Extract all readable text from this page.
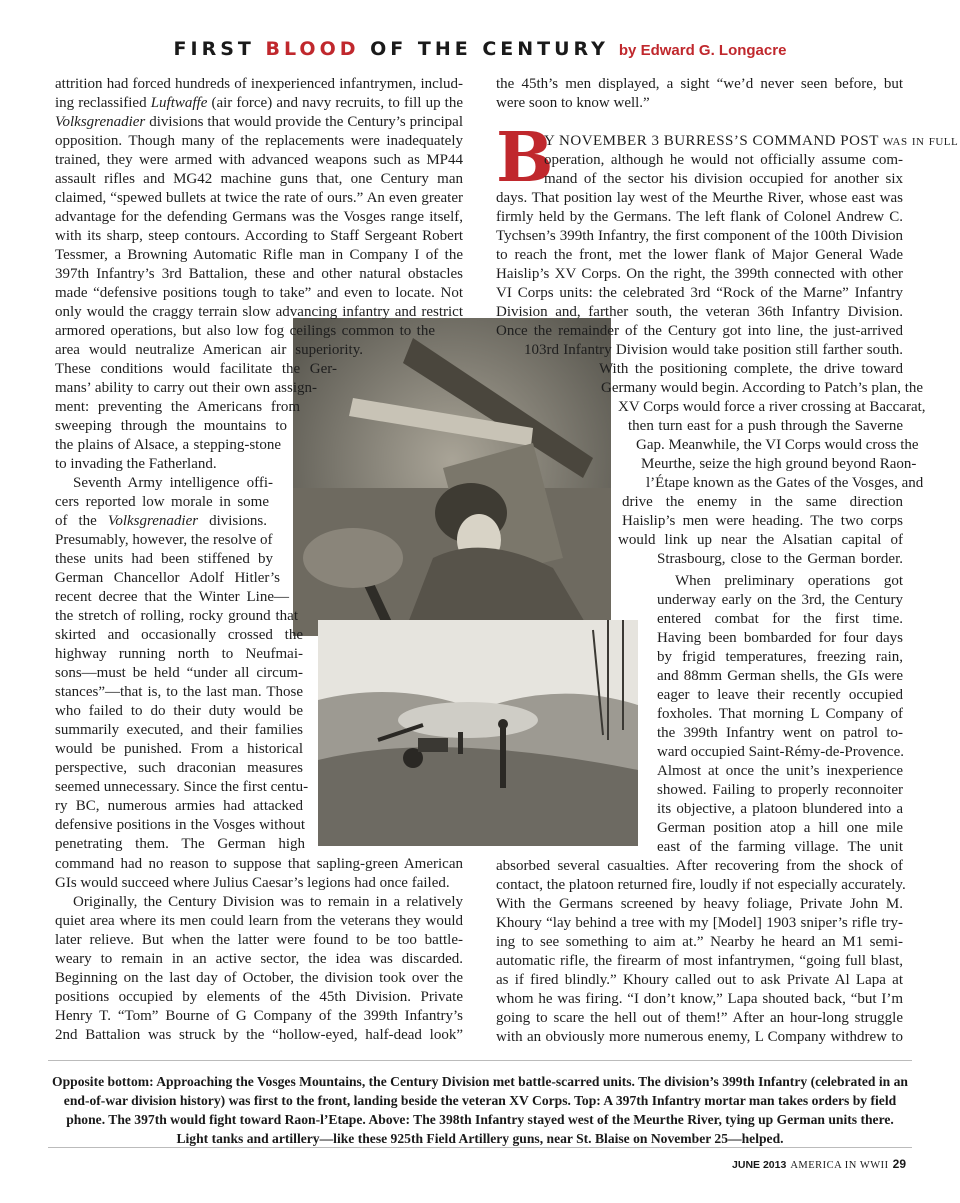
FIRST BLOOD OF THE CENTURY by Edward G. Longacre
attrition had forced hundreds of inexperienced infantrymen, includ-
ing reclassified Luftwaffe (air force) and navy recruits, to fill up the
Volksgrenadier divisions that would provide the Century’s principal
opposition. Though many of the replacements were inadequately
trained, they were armed with advanced weapons such as MP44
assault rifles and MG42 machine guns that, one Century man
claimed, “spewed bullets at twice the rate of ours.” An even greater
advantage for the defending Germans was the Vosges range itself,
with its sharp, steep contours. According to Staff Sergeant Robert
Tessmer, a Browning Automatic Rifle man in Company I of the
397th Infantry’s 3rd Battalion, these and other natural obstacles
made “defensive positions tough to take” and even to locate. Not
only would the craggy terrain slow advancing infantry and restrict
armored operations, but also low fog ceilings common to the
area would neutralize American air superiority.
These conditions would facilitate the Ger-
mans’ ability to carry out their own assign-
ment: preventing the Americans from
sweeping through the mountains to
the plains of Alsace, a stepping-stone
to invading the Fatherland.
Seventh Army intelligence offi-
cers reported low morale in some
of the Volksgrenadier divisions.
Presumably, however, the resolve of
these units had been stiffened by
German Chancellor Adolf Hitler’s
recent decree that the Winter Line—
the stretch of rolling, rocky ground that
skirted and occasionally crossed the
highway running north to Neufmai-
sons—must be held “under all circum-
stances”—that is, to the last man. Those
who failed to do their duty would be
summarily executed, and their families
would be punished. From a historical
perspective, such draconian measures
seemed unnecessary. Since the first centu-
ry BC, numerous armies had attacked
defensive positions in the Vosges without
penetrating them. The German high
command had no reason to suppose that sapling-green American
GIs would succeed where Julius Caesar’s legions had once failed.
Originally, the Century Division was to remain in a relatively
quiet area where its men could learn from the veterans they would
later relieve. But when the latter were found to be too battle-
weary to remain in an active sector, the idea was discarded.
Beginning on the last day of October, the division took over the
positions occupied by elements of the 45th Division. Private
Henry T. “Tom” Bourne of G Company of the 399th Infantry’s
2nd Battalion was struck by the “hollow-eyed, half-dead look”
the 45th’s men displayed, a sight “we’d never seen before, but
were soon to know well.”
B
Y NOVEMBER 3 BURRESS’S COMMAND POST was in full
operation, although he would not officially assume com-
mand of the sector his division occupied for another six
days. That position lay west of the Meurthe River, whose east was
firmly held by the Germans. The left flank of Colonel Andrew C.
Tychsen’s 399th Infantry, the first component of the 100th Division
to reach the front, met the lower flank of Major General Wade
Haislip’s XV Corps. On the right, the 399th connected with other
VI Corps units: the celebrated 3rd “Rock of the Marne” Infantry
Division and, farther south, the veteran 36th Infantry Division.
Once the remainder of the Century got into line, the just-arrived
103rd Infantry Division would take position still farther south.
With the positioning complete, the drive toward
Germany would begin. According to Patch’s plan, the
XV Corps would force a river crossing at Baccarat,
then turn east for a push through the Saverne
Gap. Meanwhile, the VI Corps would cross the
Meurthe, seize the high ground beyond Raon-
l’Étape known as the Gates of the Vosges, and
drive the enemy in the same direction
Haislip’s men were heading. The two corps
would link up near the Alsatian capital of
Strasbourg, close to the German border.
When preliminary operations got
underway early on the 3rd, the Century
entered combat for the first time.
Having been bombarded for four days
by frigid temperatures, freezing rain,
and 88mm German shells, the GIs were
eager to leave their recently occupied
foxholes. That morning L Company of
the 399th Infantry went on patrol to-
ward occupied Saint-Rémy-de-Provence.
Almost at once the unit’s inexperience
showed. Failing to properly reconnoiter
its objective, a platoon blundered into a
German position atop a hill one mile
east of the farming village. The unit
absorbed several casualties. After recovering from the shock of
contact, the platoon returned fire, loudly if not especially accurately.
With the Germans screened by heavy foliage, Private John M.
Khoury “lay behind a tree with my [Model] 1903 sniper’s rifle try-
ing to see something to aim at.” Nearby he heard an M1 semi-
automatic rifle, the firearm of most infantrymen, “going full blast,
as if fired blindly.” Khoury called out to ask Private Al Lapa at
whom he was firing. “I don’t know,” Lapa shouted back, “but I’m
going to scare the hell out of them!” After an hour-long struggle
with an obviously more numerous enemy, L Company withdrew to
Opposite bottom: Approaching the Vosges Mountains, the Century Division met battle-scarred units. The division’s 399th Infantry (celebrated in an end-of-war division history) was first to the front, landing beside the veteran XV Corps. Top: A 397th Infantry mortar man takes orders by field phone. The 397th would fight toward Raon-l’Etape. Above: The 398th Infantry stayed west of the Meurthe River, tying up German units there. Light tanks and artillery—like these 925th Field Artillery guns, near St. Blaise on November 25—helped.
JUNE 2013 AMERICA IN WWII 29
